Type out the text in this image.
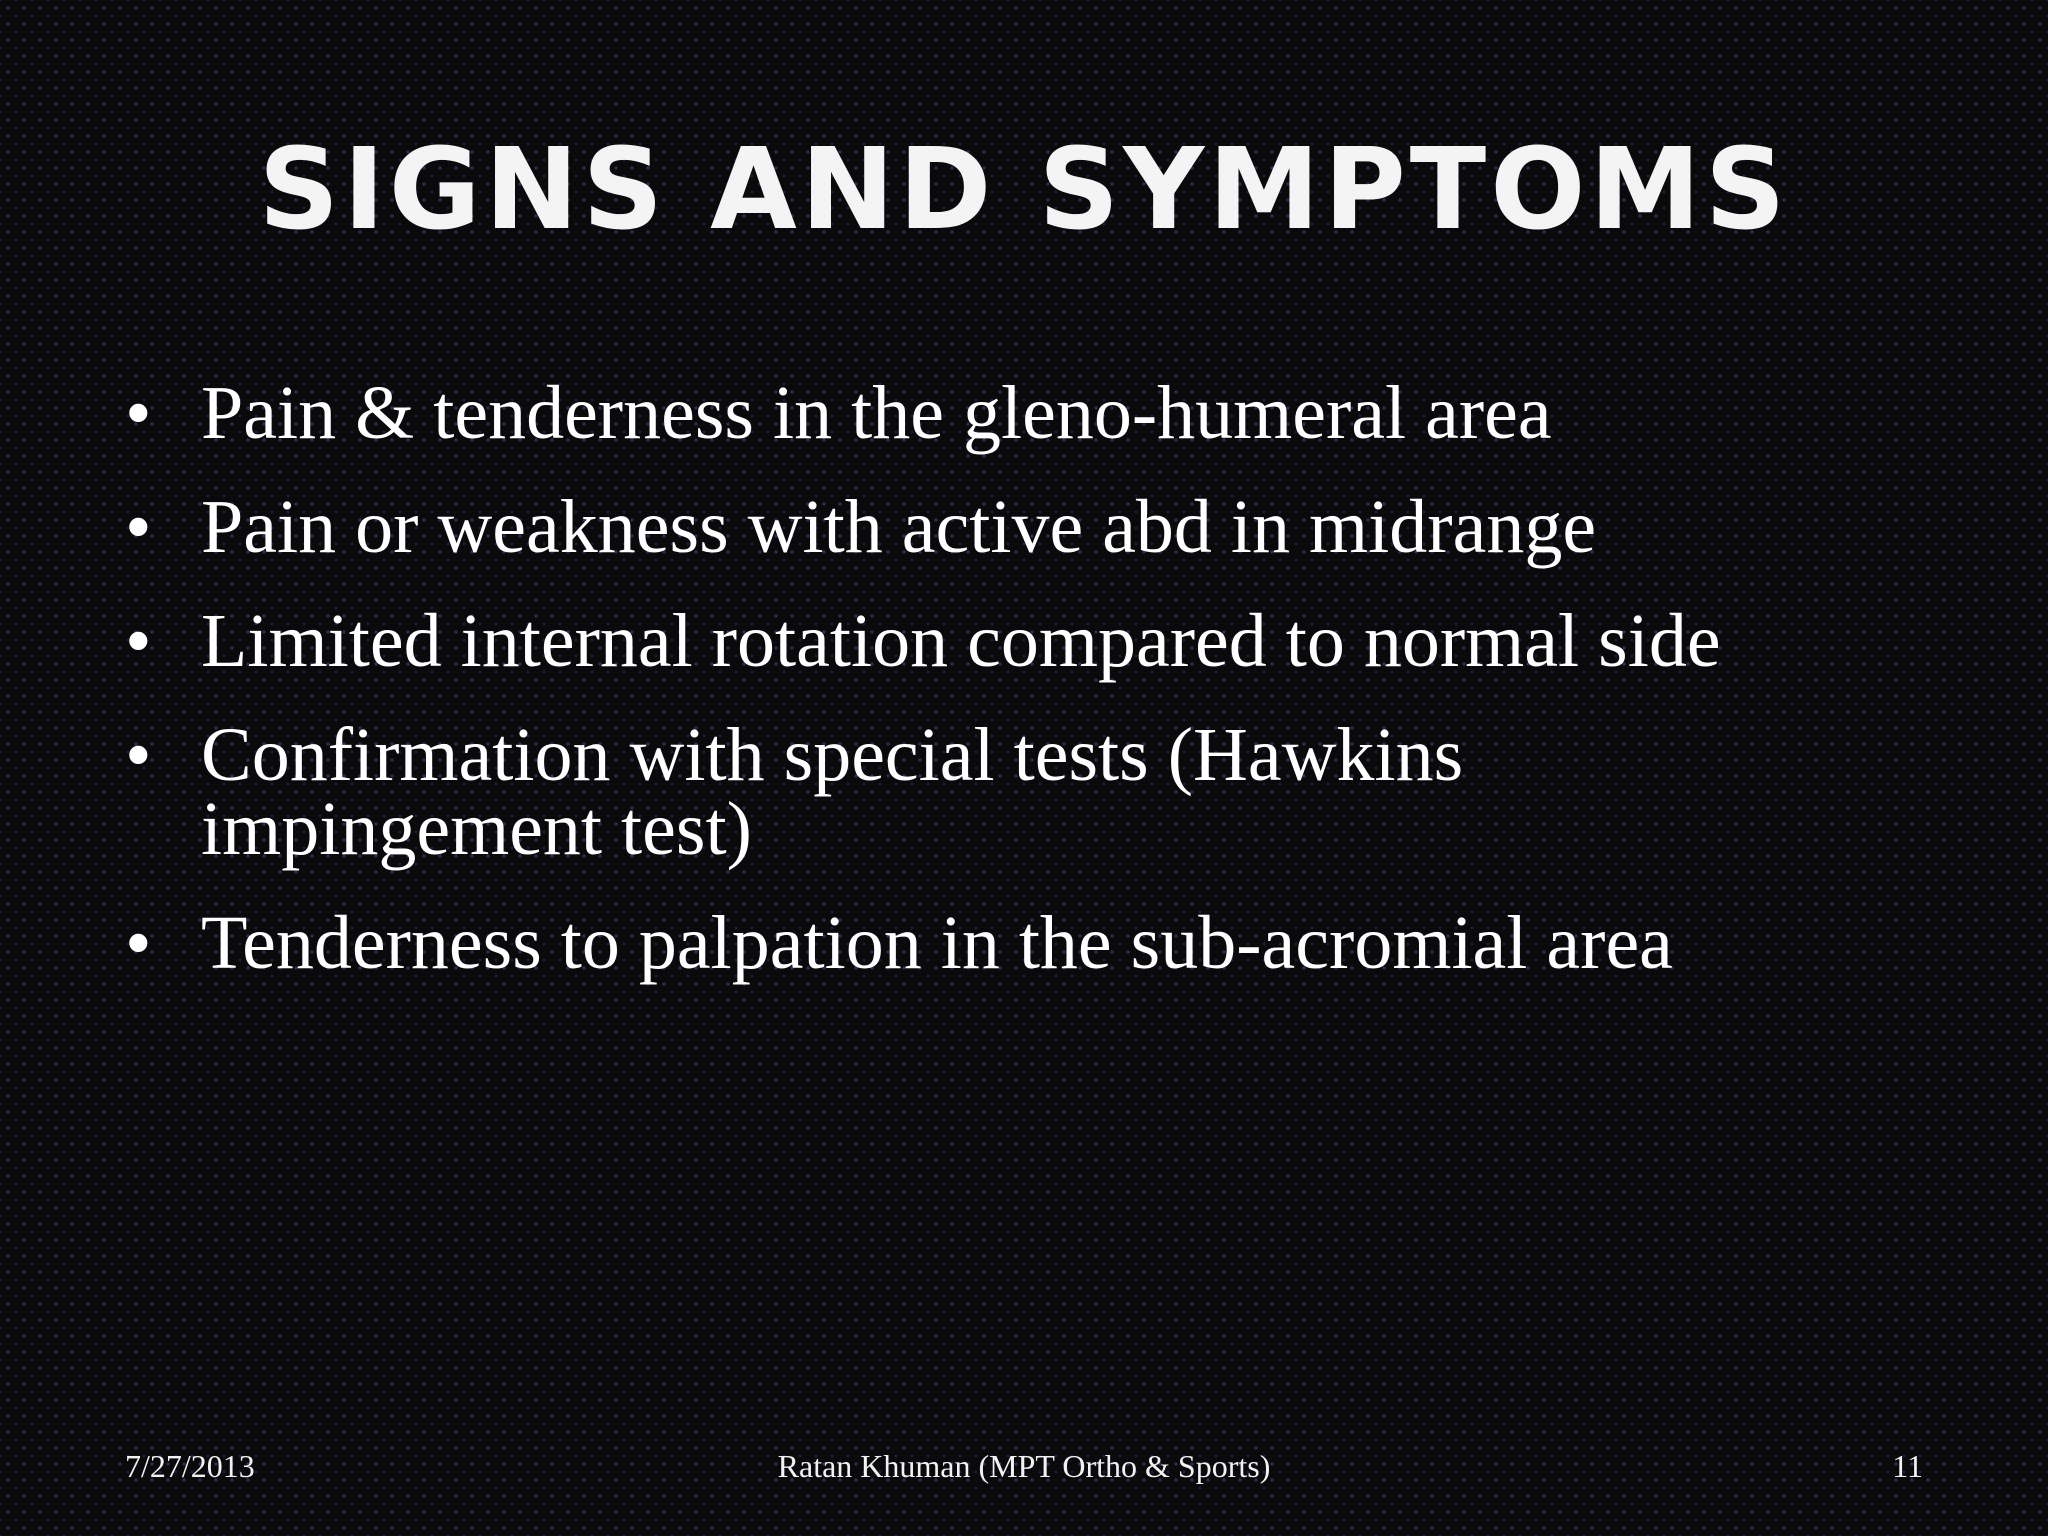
SIGNS AND SYMPTOMS
• Pain & tenderness in the gleno-humeral area
• Pain or weakness with active abd in midrange
• Limited internal rotation compared to normal side
• Confirmation with special tests (Hawkins impingement test)
• Tenderness to palpation in the sub-acromial area
7/27/2013	Ratan Khuman (MPT Ortho & Sports)	11
